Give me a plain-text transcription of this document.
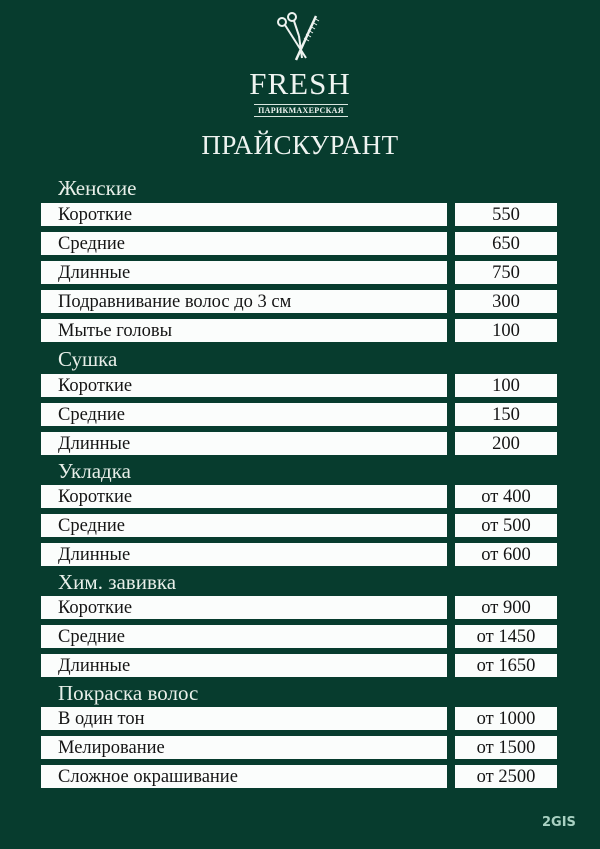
FRESH
ПАРИКМАХЕРСКАЯ
ПРАЙСКУРАНТ
Женские
Короткие	550
Средние	650
Длинные	750
Подравнивание волос до 3 см	300
Мытье головы	100
Сушка
Короткие	100
Средние	150
Длинные	200
Укладка
Короткие	от 400
Средние	от 500
Длинные	от 600
Хим. завивка
Короткие	от 900
Средние	от 1450
Длинные	от 1650
Покраска волос
В один тон	от 1000
Мелирование	от 1500
Сложное окрашивание	от 2500
2GIS
